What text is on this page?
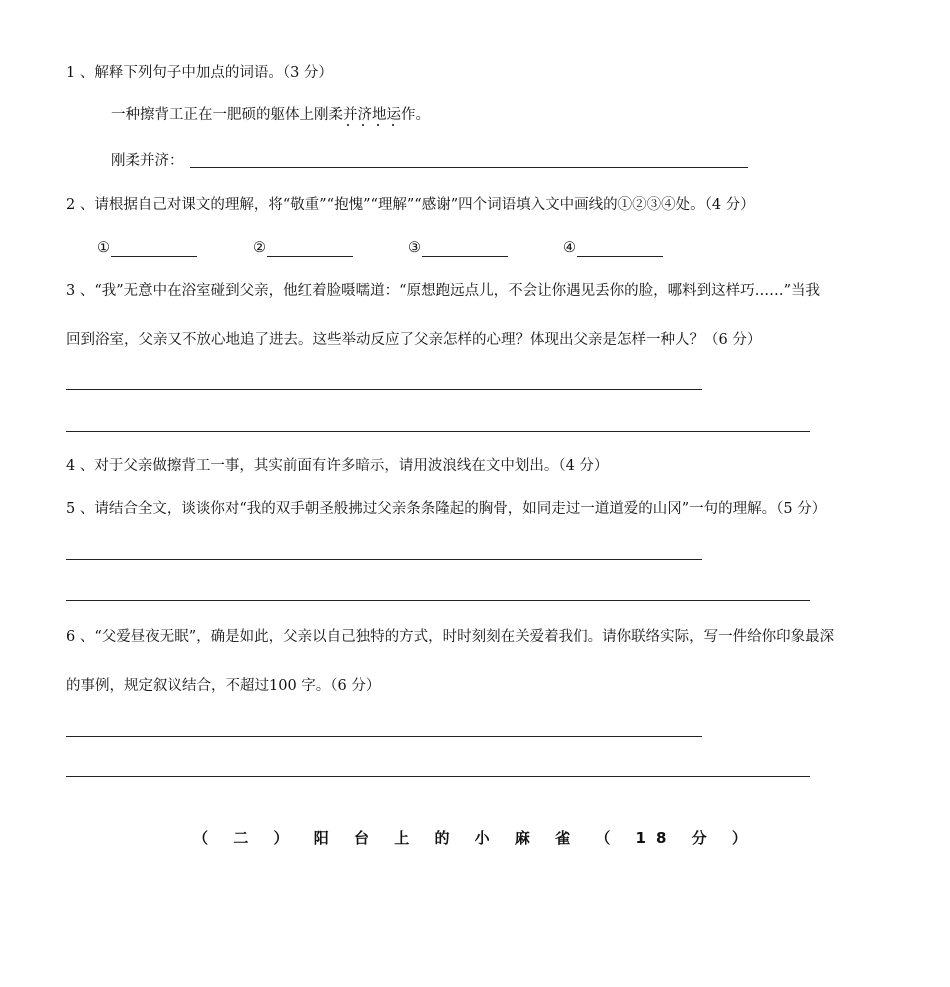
1 、解释下列句子中加点的词语。（3 分）
一种擦背工正在一肥硕的躯体上刚柔并济地运作。
刚柔并济：
2 、请根据自己对课文的理解，将“敬重”“抱愧”“理解”“感谢”四个词语填入文中画线的①②③④处。（4 分）
①	②	③	④
3 、“我”无意中在浴室碰到父亲，他红着脸嗫嚅道：“原想跑远点儿，不会让你遇见丢你的脸，哪料到这样巧……”当我
回到浴室，父亲又不放心地追了进去。这些举动反应了父亲怎样的心理？体现出父亲是怎样一种人？（6 分）
4 、对于父亲做擦背工一事，其实前面有许多暗示，请用波浪线在文中划出。（4 分）
5 、请结合全文，谈谈你对“我的双手朝圣般拂过父亲条条隆起的胸骨，如同走过一道道爱的山冈”一句的理解。（5 分）
6 、“父爱昼夜无眠”，确是如此，父亲以自己独特的方式，时时刻刻在关爱着我们。请你联络实际，写一件给你印象最深
的事例，规定叙议结合，不超过100 字。（6 分）
（ 二 ） 阳 台 上 的 小 麻 雀 （ 18 分 ）
